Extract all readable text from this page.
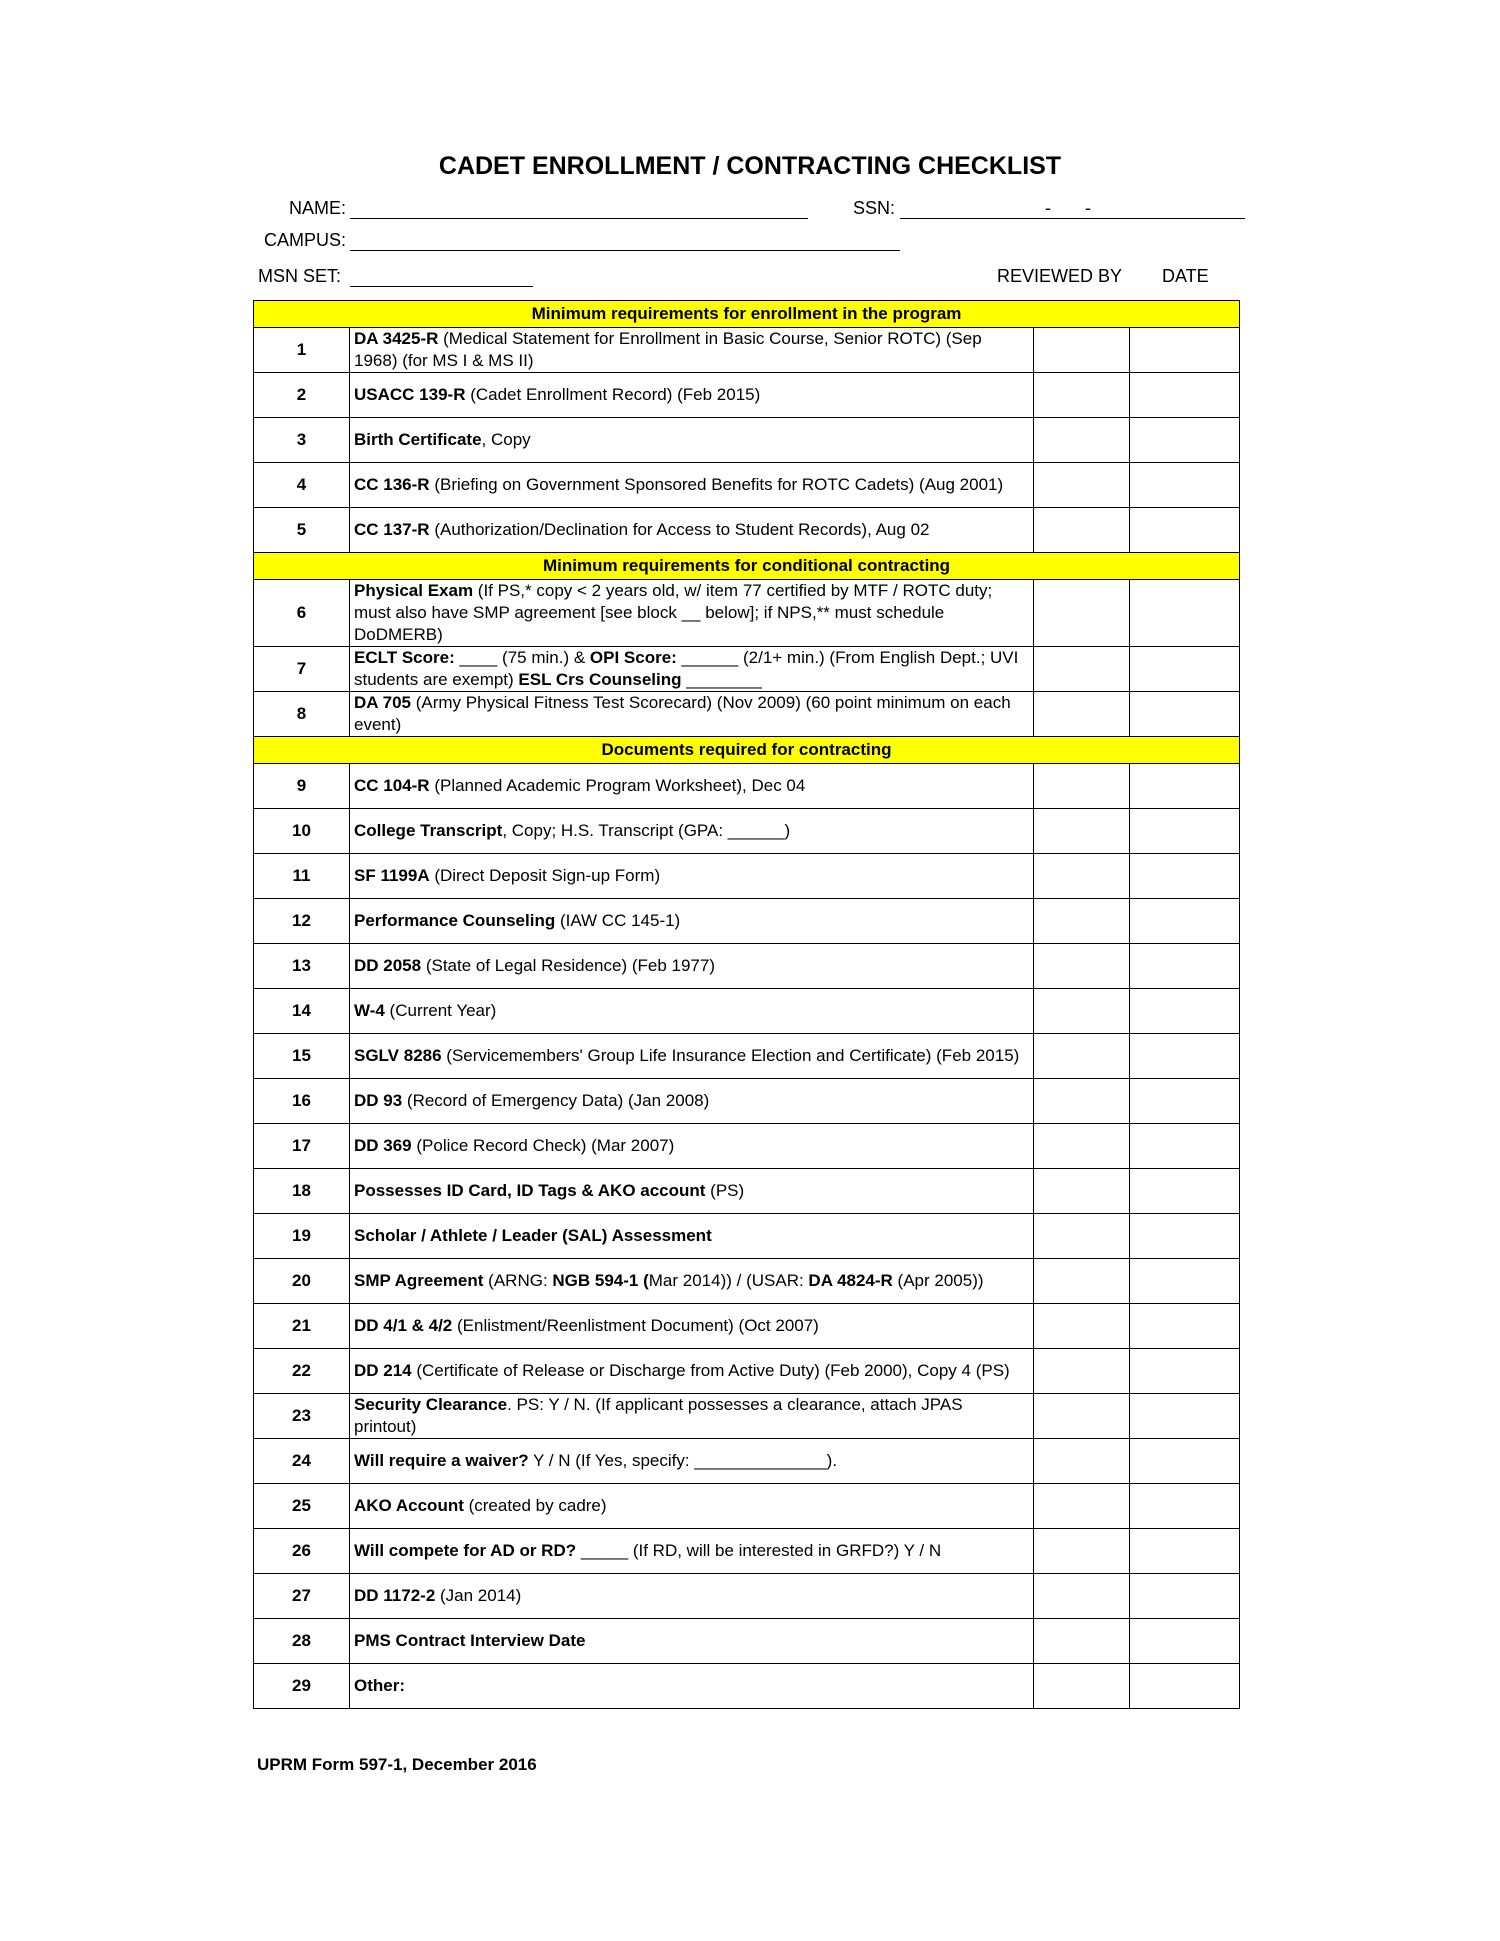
CADET ENROLLMENT / CONTRACTING CHECKLIST
NAME:	SSN:	- -
CAMPUS:
MSN SET:	REVIEWED BY DATE
Minimum requirements for enrollment in the program			
1	DA 3425-R (Medical Statement for Enrollment in Basic Course, Senior ROTC) (Sep 1968) (for MS I & MS II)		
2	USACC 139-R (Cadet Enrollment Record) (Feb 2015)		
3	Birth Certificate, Copy		
4	CC 136-R (Briefing on Government Sponsored Benefits for ROTC Cadets) (Aug 2001)		
5	CC 137-R (Authorization/Declination for Access to Student Records), Aug 02		
Minimum requirements for conditional contracting			
6	Physical Exam (If PS,* copy < 2 years old, w/ item 77 certified by MTF / ROTC duty; must also have SMP agreement [see block __ below]; if NPS,** must schedule DoDMERB)		
7	ECLT Score: ____ (75 min.) & OPI Score: ______ (2/1+ min.) (From English Dept.; UVI students are exempt) ESL Crs Counseling ________		
8	DA 705 (Army Physical Fitness Test Scorecard) (Nov 2009) (60 point minimum on each event)		
Documents required for contracting			
9	CC 104-R (Planned Academic Program Worksheet), Dec 04		
10	College Transcript, Copy; H.S. Transcript (GPA: ______)		
11	SF 1199A (Direct Deposit Sign-up Form)		
12	Performance Counseling (IAW CC 145-1)		
13	DD 2058 (State of Legal Residence) (Feb 1977)		
14	W-4 (Current Year)		
15	SGLV 8286 (Servicemembers' Group Life Insurance Election and Certificate) (Feb 2015)		
16	DD 93 (Record of Emergency Data) (Jan 2008)		
17	DD 369 (Police Record Check) (Mar 2007)		
18	Possesses ID Card, ID Tags & AKO account (PS)		
19	Scholar / Athlete / Leader (SAL) Assessment		
20	SMP Agreement (ARNG: NGB 594-1 (Mar 2014)) / (USAR: DA 4824-R (Apr 2005))		
21	DD 4/1 & 4/2 (Enlistment/Reenlistment Document) (Oct 2007)		
22	DD 214 (Certificate of Release or Discharge from Active Duty) (Feb 2000), Copy 4 (PS)		
23	Security Clearance. PS: Y / N. (If applicant possesses a clearance, attach JPAS printout)		
24	Will require a waiver? Y / N (If Yes, specify: ______________).		
25	AKO Account (created by cadre)		
26	Will compete for AD or RD? _____ (If RD, will be interested in GRFD?) Y / N		
27	DD 1172-2 (Jan 2014)		
28	PMS Contract Interview Date		
29	Other:		
UPRM Form 597-1, December 2016
